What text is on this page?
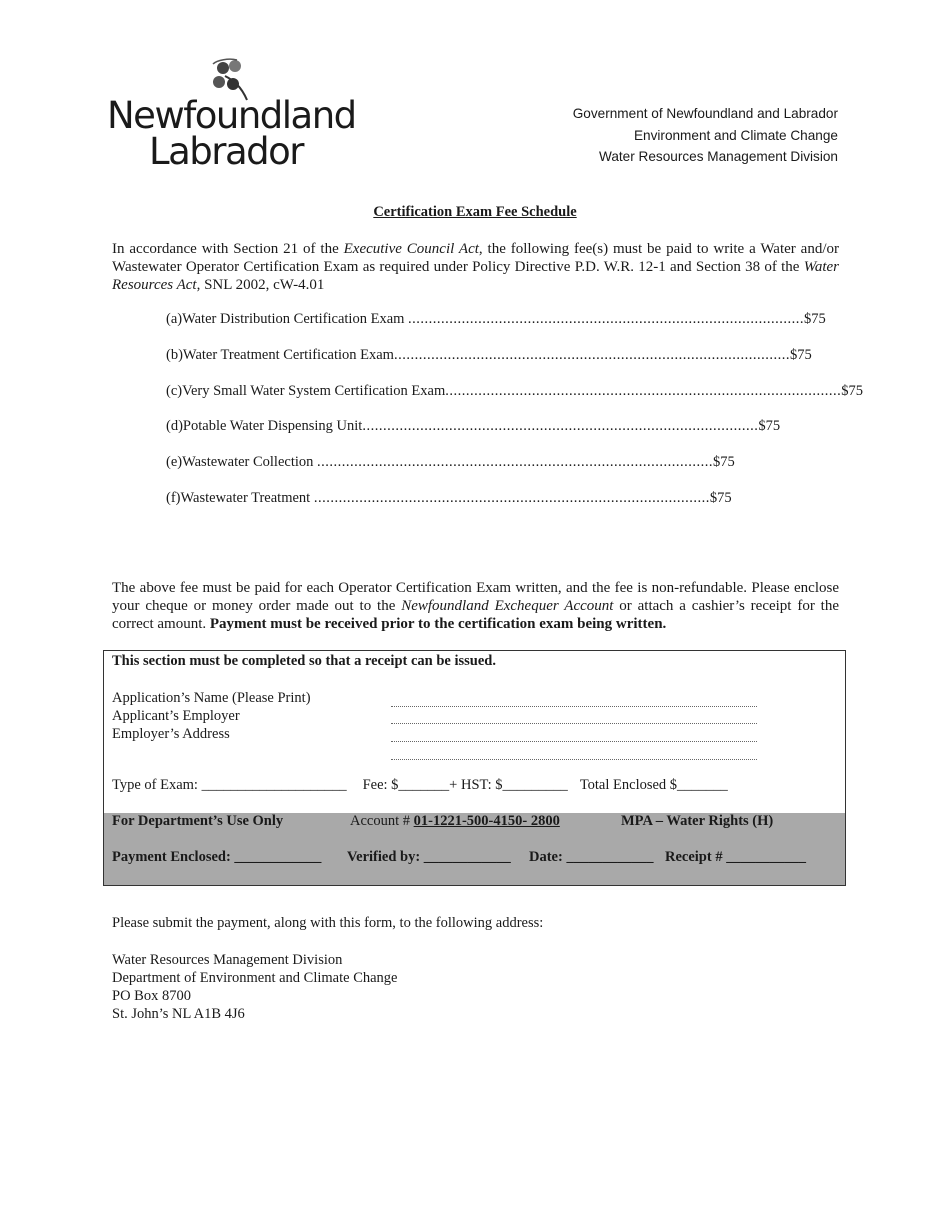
Newfoundland
Labrador
Government of Newfoundland and Labrador
Environment and Climate Change
Water Resources Management Division
Certification Exam Fee Schedule
In accordance with Section 21 of the Executive Council Act, the following fee(s) must be paid to write a Water and/or Wastewater Operator Certification Exam as required under Policy Directive P.D. W.R. 12-1 and Section 38 of the Water Resources Act, SNL 2002, cW-4.01
(a) Water Distribution Certification Exam ................................................................................................ $75
(b) Water Treatment Certification Exam................................................................................................ $75
(c) Very Small Water System Certification Exam................................................................................................ $75
(d) Potable Water Dispensing Unit................................................................................................ $75
(e) Wastewater Collection ................................................................................................ $75
(f) Wastewater Treatment ................................................................................................ $75
The above fee must be paid for each Operator Certification Exam written, and the fee is non-refundable. Please enclose your cheque or money order made out to the Newfoundland Exchequer Account or attach a cashier’s receipt for the correct amount. Payment must be received prior to the certification exam being written.
This section must be completed so that a receipt can be issued.
Application’s Name (Please Print)
Applicant’s Employer
Employer’s Address
Type of Exam: ____________________ Fee: $_______+ HST: $_________ Total Enclosed $_______
For Department’s Use Only	Account # 01-1221-500-4150- 2800	MPA – Water Rights (H)
Payment Enclosed: ____________ Verified by: ____________ Date: ____________ Receipt # ___________
Please submit the payment, along with this form, to the following address:
Water Resources Management Division
Department of Environment and Climate Change
PO Box 8700
St. John’s NL A1B 4J6
